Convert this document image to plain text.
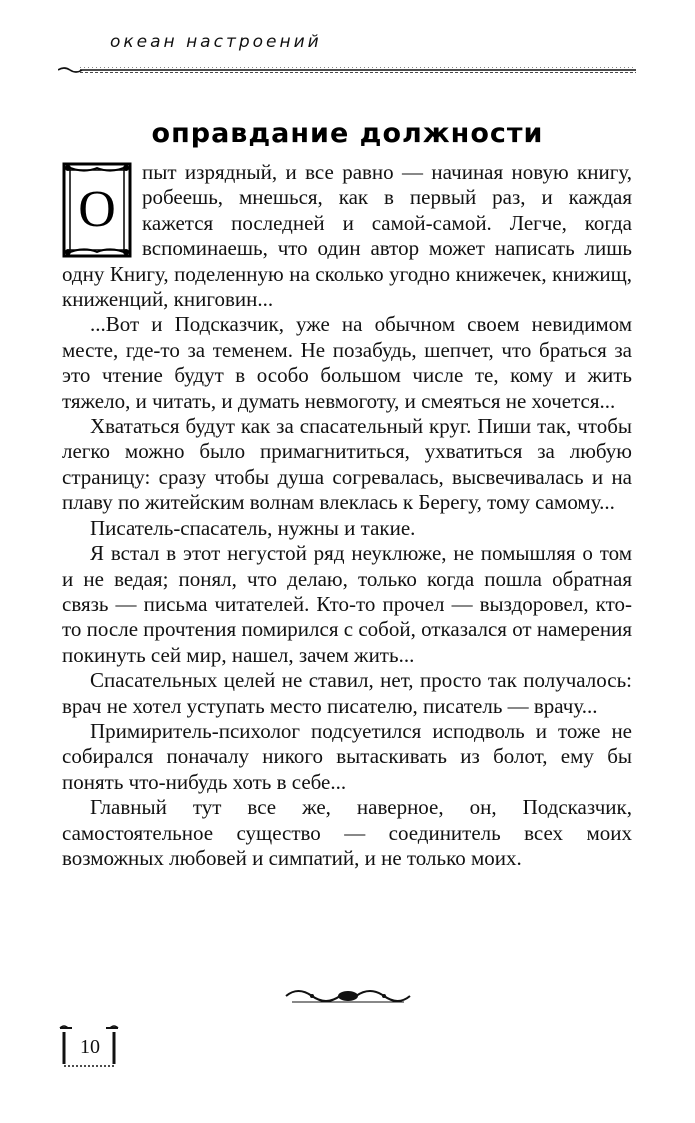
океан настроений
оправдание должности
О

пыт изрядный, и все равно — начиная новую книгу, робеешь, мнешься, как в первый раз, и каждая кажется последней и самой-самой. Легче, когда вспоминаешь, что один автор может написать лишь одну Книгу, поделенную на сколько угодно книжечек, книжищ, книженций, книговин...

...Вот и Подсказчик, уже на обычном своем невидимом месте, где-то за теменем. Не позабудь, шепчет, что браться за это чтение будут в особо большом числе те, кому и жить тяжело, и читать, и думать невмоготу, и смеяться не хочется...

Хвататься будут как за спасательный круг. Пиши так, чтобы легко можно было примагнититься, ухватиться за любую страницу: сразу чтобы душа согревалась, высвечивалась и на плаву по житейским волнам влеклась к Берегу, тому самому...

Писатель-спасатель, нужны и такие.

Я встал в этот негустой ряд неуклюже, не помышляя о том и не ведая; понял, что делаю, только когда пошла обратная связь — письма читателей. Кто-то прочел — выздоровел, кто-то после прочтения помирился с собой, отказался от намерения покинуть сей мир, нашел, зачем жить...

Спасательных целей не ставил, нет, просто так получалось: врач не хотел уступать место писателю, писатель — врачу...

Примиритель-психолог подсуетился исподволь и тоже не собирался поначалу никого вытаскивать из болот, ему бы понять что-нибудь хоть в себе...

Главный тут все же, наверное, он, Подсказчик, самостоятельное существо — соединитель всех моих возможных любовей и симпатий, и не только моих.

10
